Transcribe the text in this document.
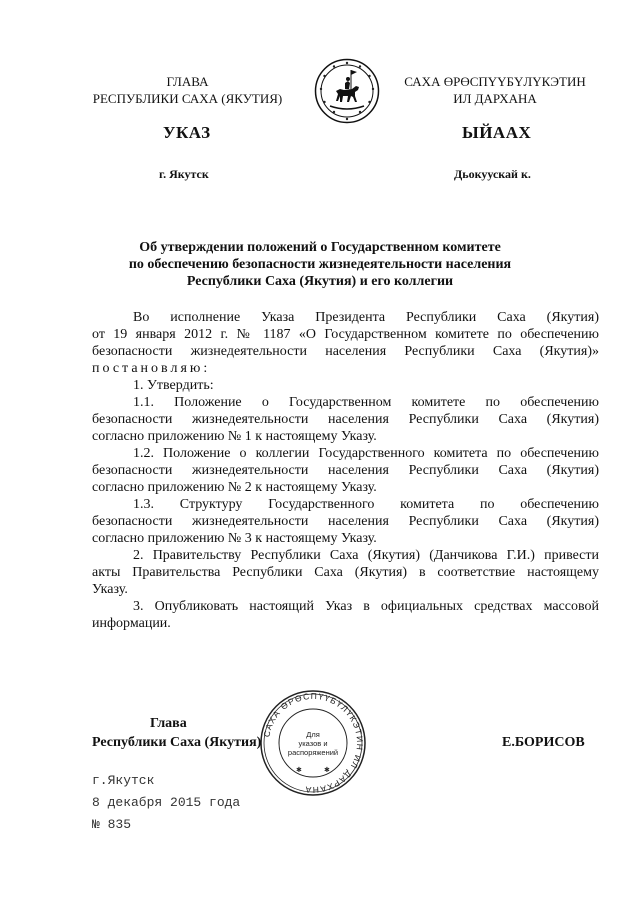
ГЛАВА
РЕСПУБЛИКИ САХА (ЯКУТИЯ)
САХА ӨРӨСПҮҮБҮЛҮКЭТИН
ИЛ ДАРХАНА
УКАЗ	ЫЙААХ
г. Якутск	Дьокуускай к.
Об утверждении положений о Государственном комитете
по обеспечению безопасности жизнедеятельности населения
Республики Саха (Якутия) и его коллегии
Во исполнение Указа Президента Республики Саха (Якутия)
от 19 января 2012 г. № 1187 «О Государственном комитете по обеспечению
безопасности жизнедеятельности населения Республики Саха (Якутия)»
постановляю:
1. Утвердить:
1.1. Положение о Государственном комитете по обеспечению
безопасности жизнедеятельности населения Республики Саха (Якутия)
согласно приложению № 1 к настоящему Указу.
1.2. Положение о коллегии Государственного комитета по обеспечению
безопасности жизнедеятельности населения Республики Саха (Якутия)
согласно приложению № 2 к настоящему Указу.
1.3. Структуру Государственного комитета по обеспечению
безопасности жизнедеятельности населения Республики Саха (Якутия)
согласно приложению № 3 к настоящему Указу.
2. Правительству Республики Саха (Якутия) (Данчикова Г.И.) привести
акты Правительства Республики Саха (Якутия) в соответствие настоящему
Указу.
3. Опубликовать настоящий Указ в официальных средствах массовой
информации.
Глава
Республики Саха (Якутия)	Е.БОРИСОВ
САХА ӨРӨСПҮҮБҮЛҮКЭТИН ИЛ ДАРХАНА
Для
указов и
распоряжений
✱	✱
г.Якутск
8 декабря 2015 года
№ 835
